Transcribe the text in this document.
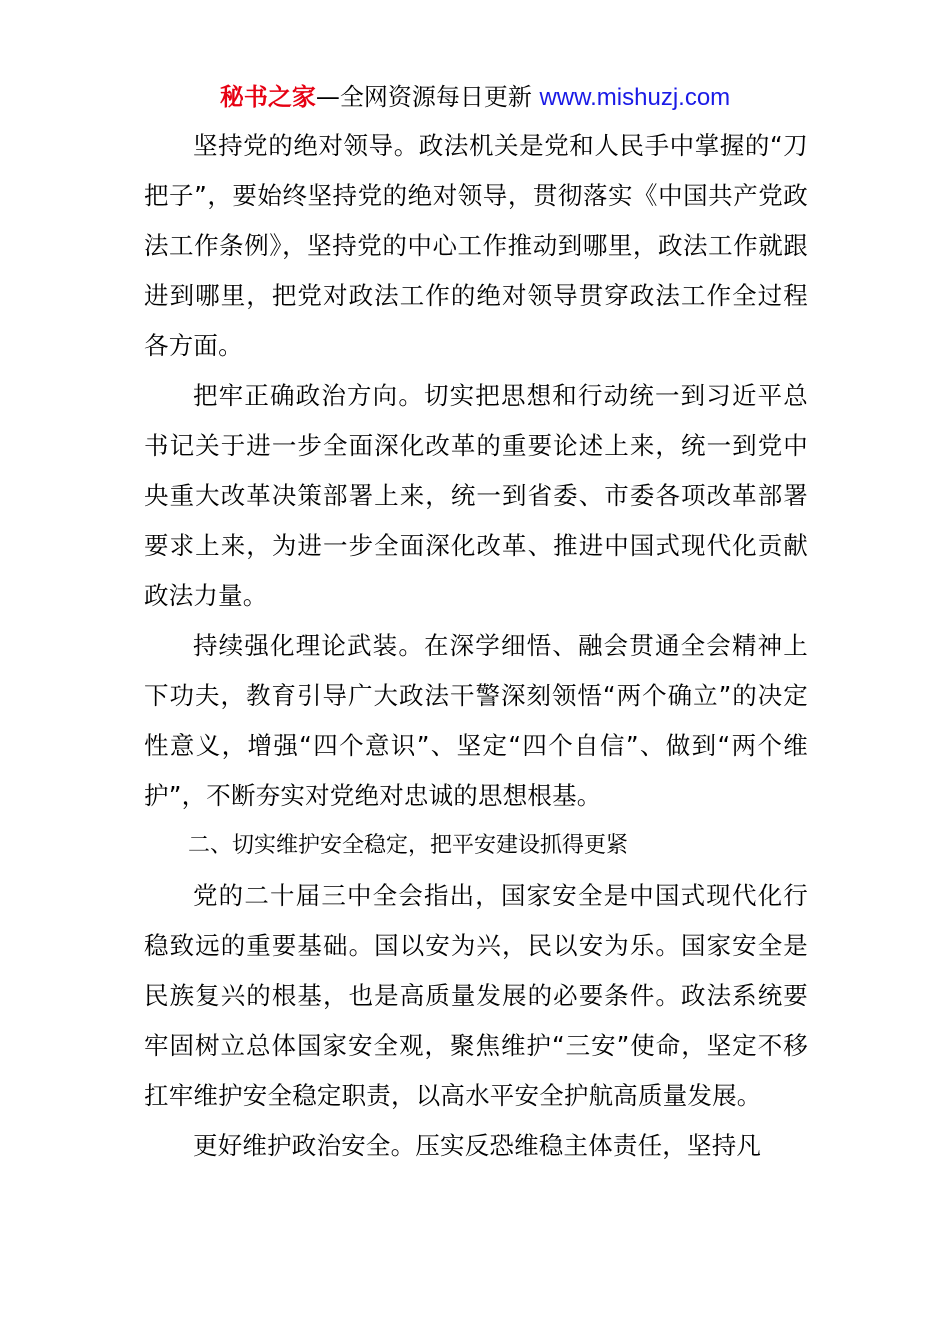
秘书之家—全网资源每日更新 www.mishuzj.com

坚持党的绝对领导。政法机关是党和人民手中掌握的“刀把子”，要始终坚持党的绝对领导，贯彻落实《中国共产党政法工作条例》，坚持党的中心工作推动到哪里，政法工作就跟进到哪里，把党对政法工作的绝对领导贯穿政法工作全过程各方面。

把牢正确政治方向。切实把思想和行动统一到习近平总书记关于进一步全面深化改革的重要论述上来，统一到党中央重大改革决策部署上来，统一到省委、市委各项改革部署要求上来，为进一步全面深化改革、推进中国式现代化贡献政法力量。

持续强化理论武装。在深学细悟、融会贯通全会精神上下功夫，教育引导广大政法干警深刻领悟“两个确立”的决定性意义，增强“四个意识”、坚定“四个自信”、做到“两个维护”，不断夯实对党绝对忠诚的思想根基。

二、切实维护安全稳定，把平安建设抓得更紧

党的二十届三中全会指出，国家安全是中国式现代化行稳致远的重要基础。国以安为兴，民以安为乐。国家安全是民族复兴的根基，也是高质量发展的必要条件。政法系统要牢固树立总体国家安全观，聚焦维护“三安”使命，坚定不移扛牢维护安全稳定职责，以高水平安全护航高质量发展。

更好维护政治安全。压实反恐维稳主体责任，坚持凡
